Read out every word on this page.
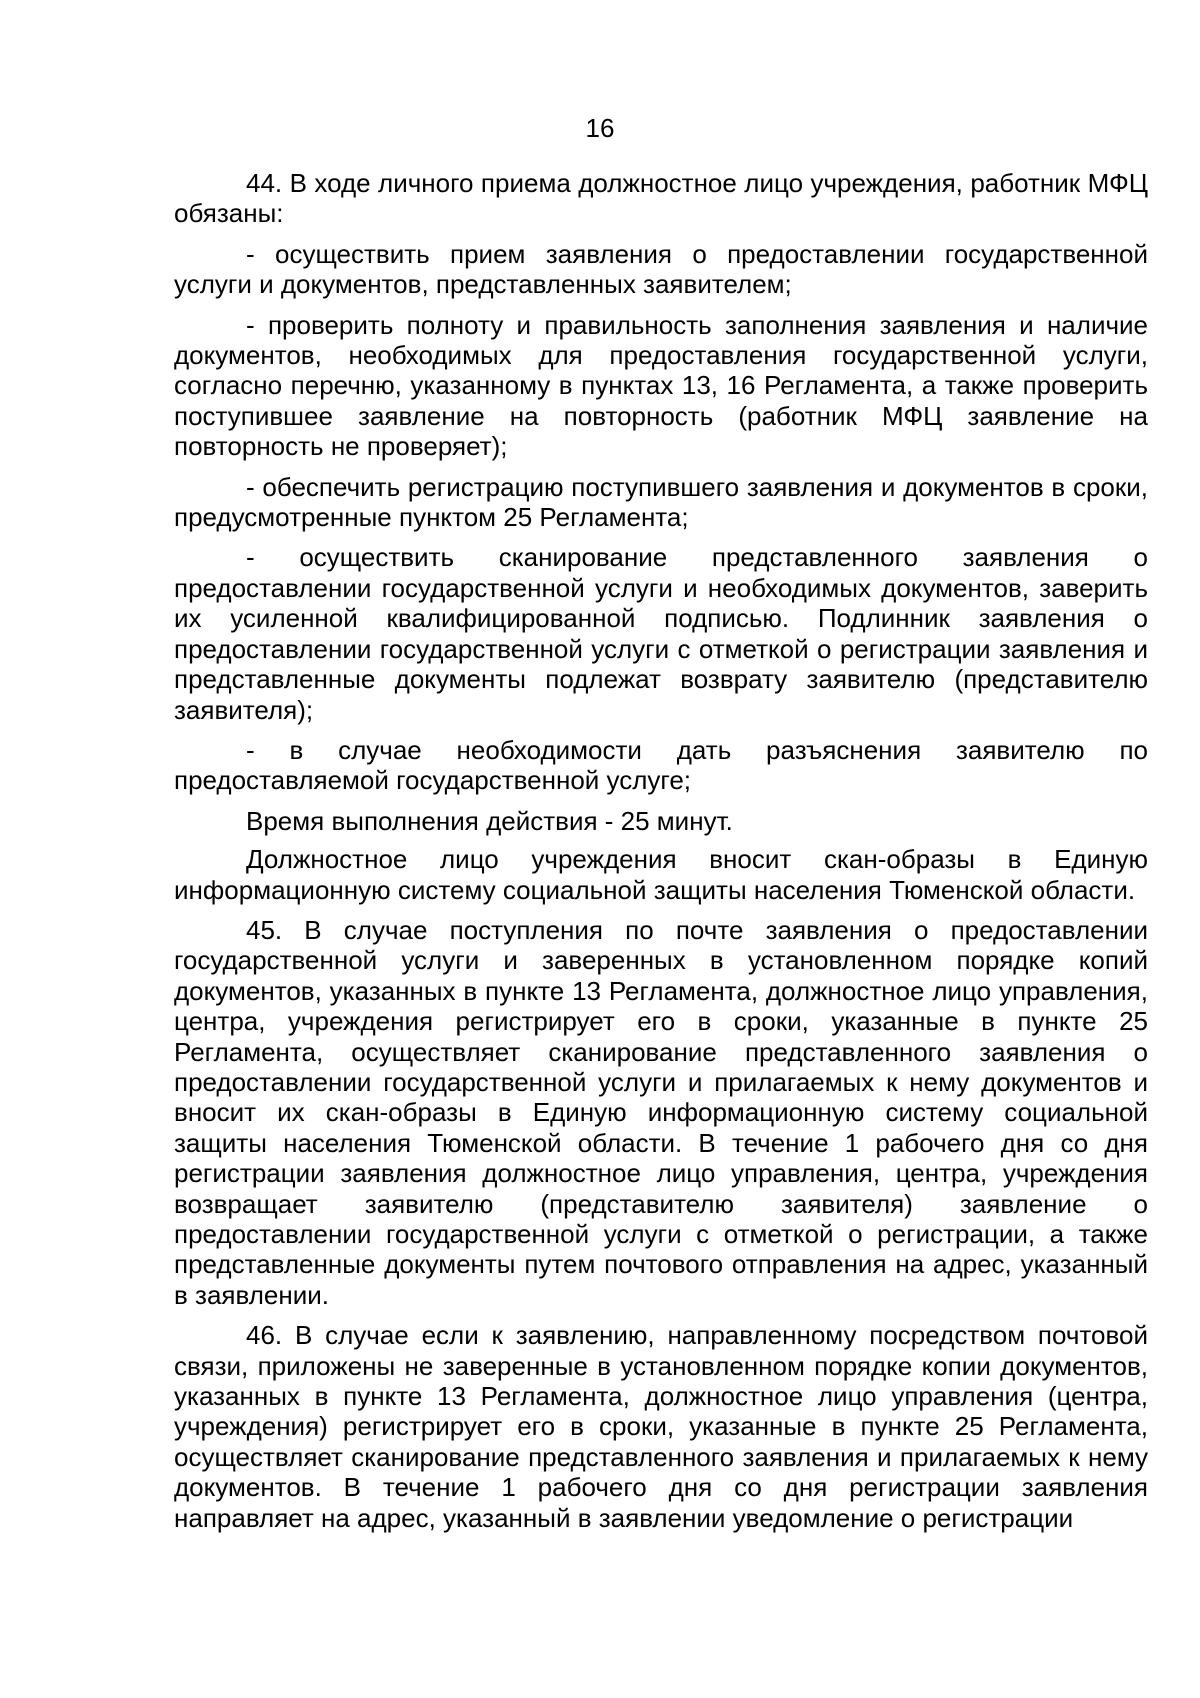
16

44. В ходе личного приема должностное лицо учреждения, работник МФЦ обязаны:

- осуществить прием заявления о предоставлении государственной услуги и документов, представленных заявителем;

- проверить полноту и правильность заполнения заявления и наличие документов, необходимых для предоставления государственной услуги, согласно перечню, указанному в пунктах 13, 16 Регламента, а также проверить поступившее заявление на повторность (работник МФЦ заявление на повторность не проверяет);

- обеспечить регистрацию поступившего заявления и документов в сроки, предусмотренные пунктом 25 Регламента;

- осуществить сканирование представленного заявления о предоставлении государственной услуги и необходимых документов, заверить их усиленной квалифицированной подписью. Подлинник заявления о предоставлении государственной услуги с отметкой о регистрации заявления и представленные документы подлежат возврату заявителю (представителю заявителя);

- в случае необходимости дать разъяснения заявителю по предоставляемой государственной услуге;

Время выполнения действия - 25 минут.

Должностное лицо учреждения вносит скан-образы в Единую информационную систему социальной защиты населения Тюменской области.

45. В случае поступления по почте заявления о предоставлении государственной услуги и заверенных в установленном порядке копий документов, указанных в пункте 13 Регламента, должностное лицо управления, центра, учреждения регистрирует его в сроки, указанные в пункте 25 Регламента, осуществляет сканирование представленного заявления о предоставлении государственной услуги и прилагаемых к нему документов и вносит их скан-образы в Единую информационную систему социальной защиты населения Тюменской области. В течение 1 рабочего дня со дня регистрации заявления должностное лицо управления, центра, учреждения возвращает заявителю (представителю заявителя) заявление о предоставлении государственной услуги с отметкой о регистрации, а также представленные документы путем почтового отправления на адрес, указанный в заявлении.

46. В случае если к заявлению, направленному посредством почтовой связи, приложены не заверенные в установленном порядке копии документов, указанных в пункте 13 Регламента, должностное лицо управления (центра, учреждения) регистрирует его в сроки, указанные в пункте 25 Регламента, осуществляет сканирование представленного заявления и прилагаемых к нему документов. В течение 1 рабочего дня со дня регистрации заявления направляет на адрес, указанный в заявлении уведомление о регистрации
